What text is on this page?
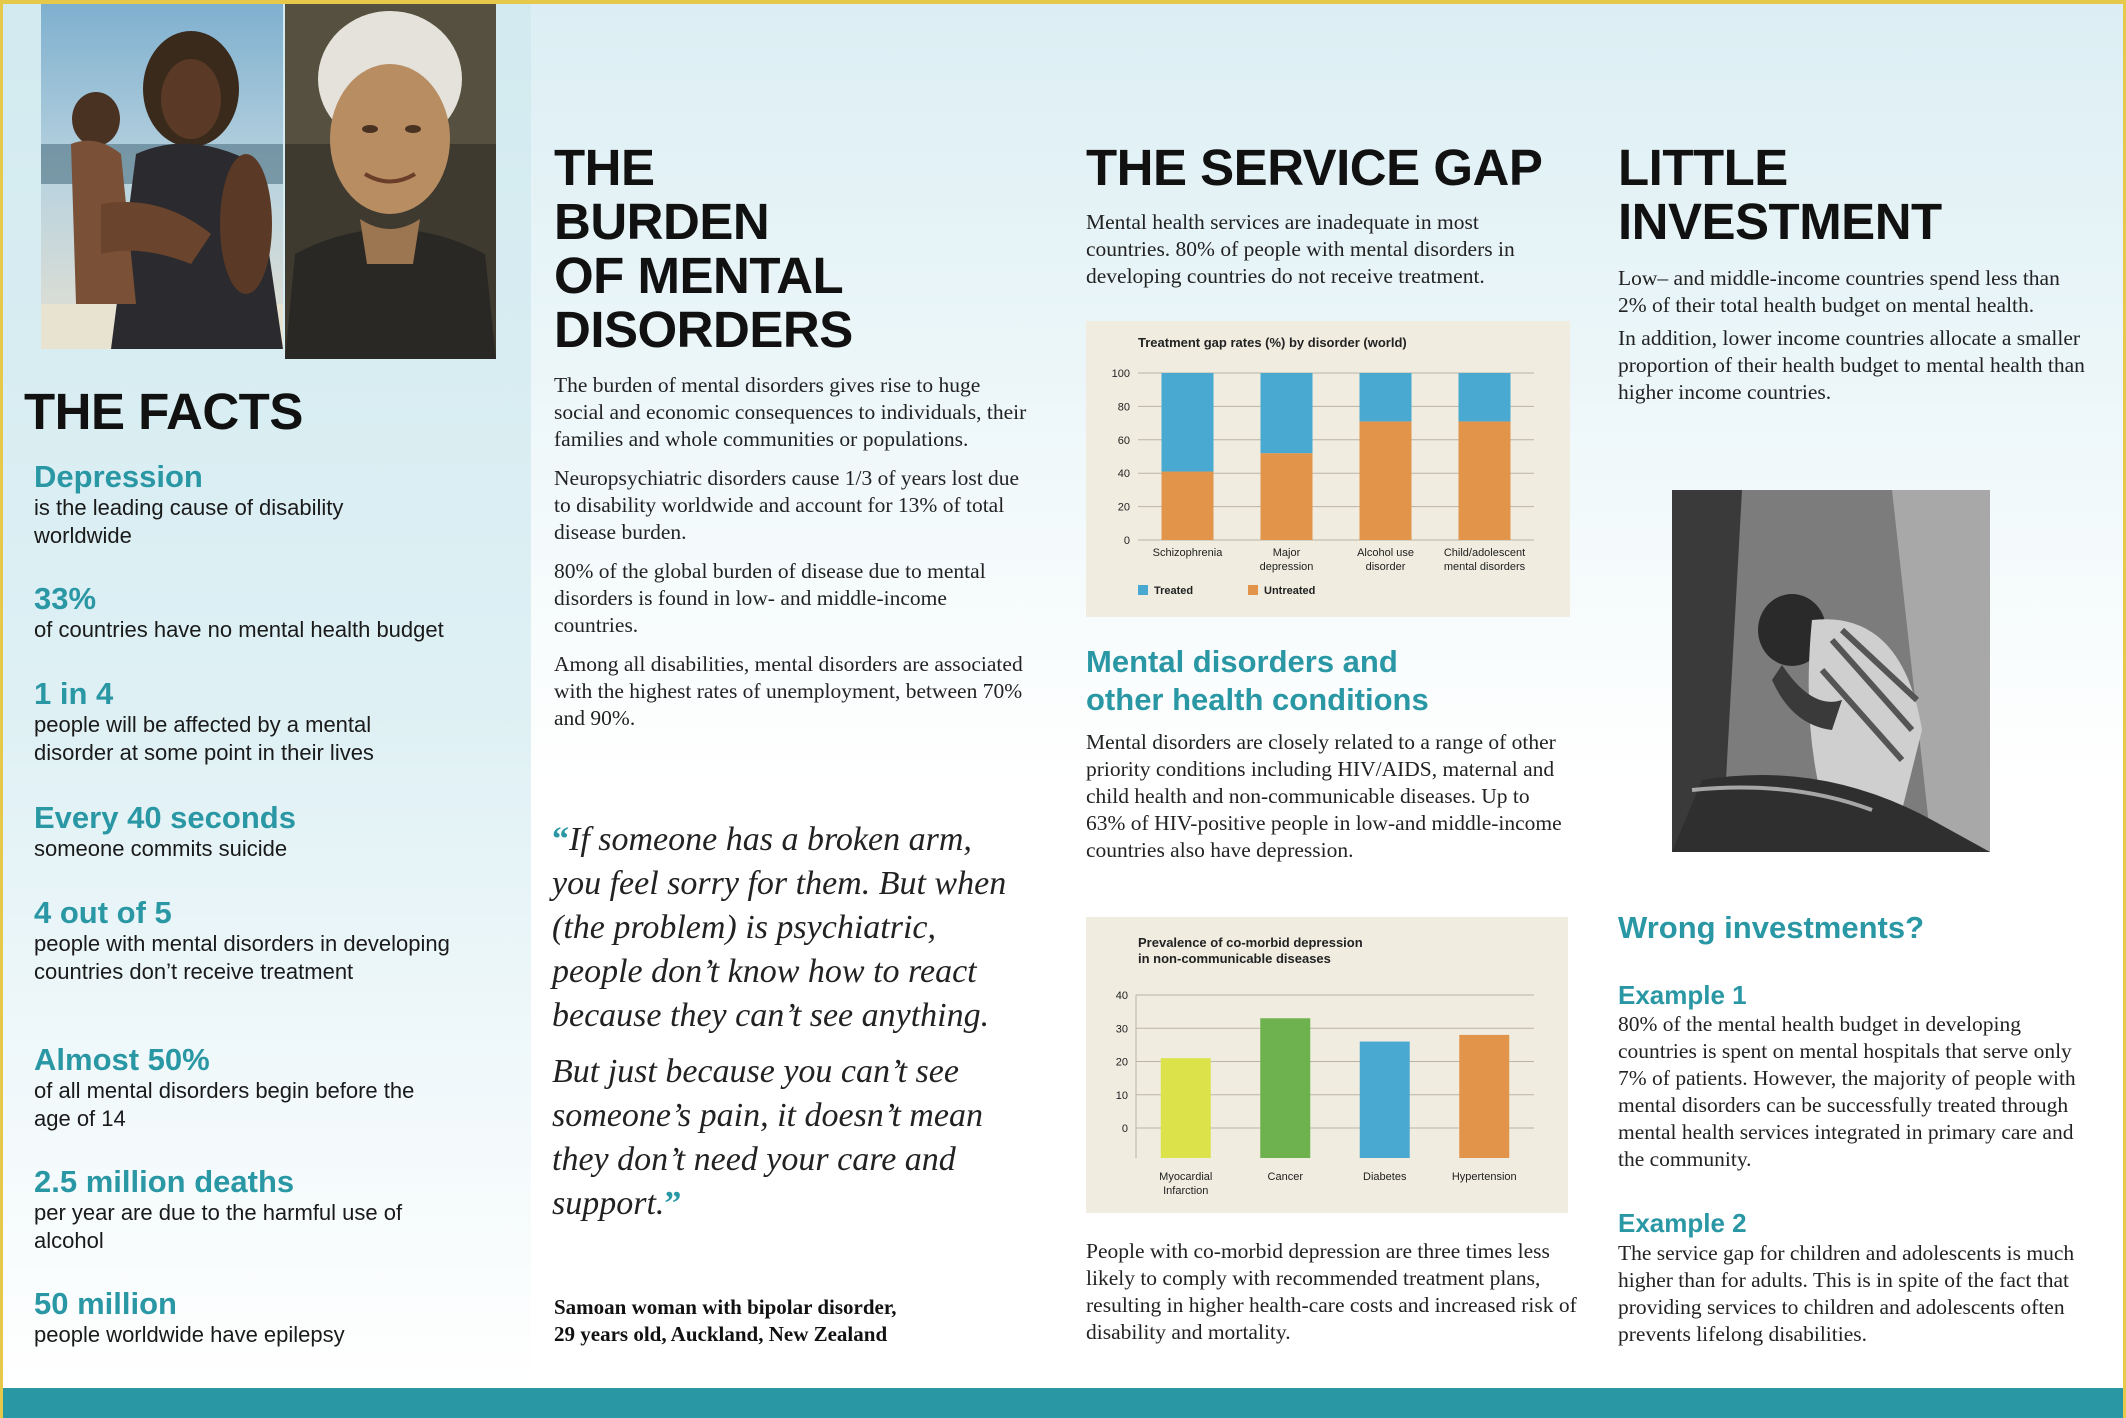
THE FACTS
Depression
is the leading cause of disability worldwide
33%
of countries have no mental health budget
1 in 4
people will be affected by a mental disorder at some point in their lives
Every 40 seconds
someone commits suicide
4 out of 5
people with mental disorders in developing countries don’t receive treatment
Almost 50%
of all mental disorders begin before the age of 14
2.5 million deaths
per year are due to the harmful use of alcohol
50 million
people worldwide have epilepsy
THE
BURDEN
OF MENTAL
DISORDERS

The burden of mental disorders gives rise to huge social and economic consequences to individuals, their families and whole communities or populations.

Neuropsychiatric disorders cause 1/3 of years lost due to disability worldwide and account for 13% of total disease burden.

80% of the global burden of disease due to mental disorders is found in low- and middle-income countries.

Among all disabilities, mental disorders are associated with the highest rates of unemployment, between 70% and 90%.

“If someone has a broken arm, you feel sorry for them. But when (the problem) is psychiatric, people don’t know how to react because they can’t see anything.

But just because you can’t see someone’s pain, it doesn’t mean they don’t need your care and support.”

Samoan woman with bipolar disorder,
29 years old, Auckland, New Zealand
THE SERVICE GAP
Mental health services are inadequate in most countries. 80% of people with mental disorders in developing countries do not receive treatment.
Treatment gap rates (%) by disorder (world)
0
20
40
60
80
100
Schizophrenia	Major
depression
Alcohol use
disorder
Child/adolescent
mental disorders
Treated	Untreated
Mental disorders and
other health conditions
Mental disorders are closely related to a range of other priority conditions including HIV/AIDS, maternal and child health and non-communicable diseases. Up to 63% of HIV-positive people in low-and middle-income countries also have depression.
Prevalence of co-morbid depression
in non-communicable diseases
0
10
20
30
40
Myocardial
Infarction
Cancer	Diabetes	Hypertension
People with co-morbid depression are three times less likely to comply with recommended treatment plans, resulting in higher health-care costs and increased risk of disability and mortality.
LITTLE
INVESTMENT

Low– and middle-income countries spend less than 2% of their total health budget on mental health.

In addition, lower income countries allocate a smaller proportion of their health budget to mental health than higher income countries.

Wrong investments?
Example 1
80% of the mental health budget in developing countries is spent on mental hospitals that serve only 7% of patients. However, the majority of people with mental disorders can be successfully treated through mental health services integrated in primary care and the community.
Example 2
The service gap for children and adolescents is much higher than for adults. This is in spite of the fact that providing services to children and adolescents often prevents lifelong disabilities.
